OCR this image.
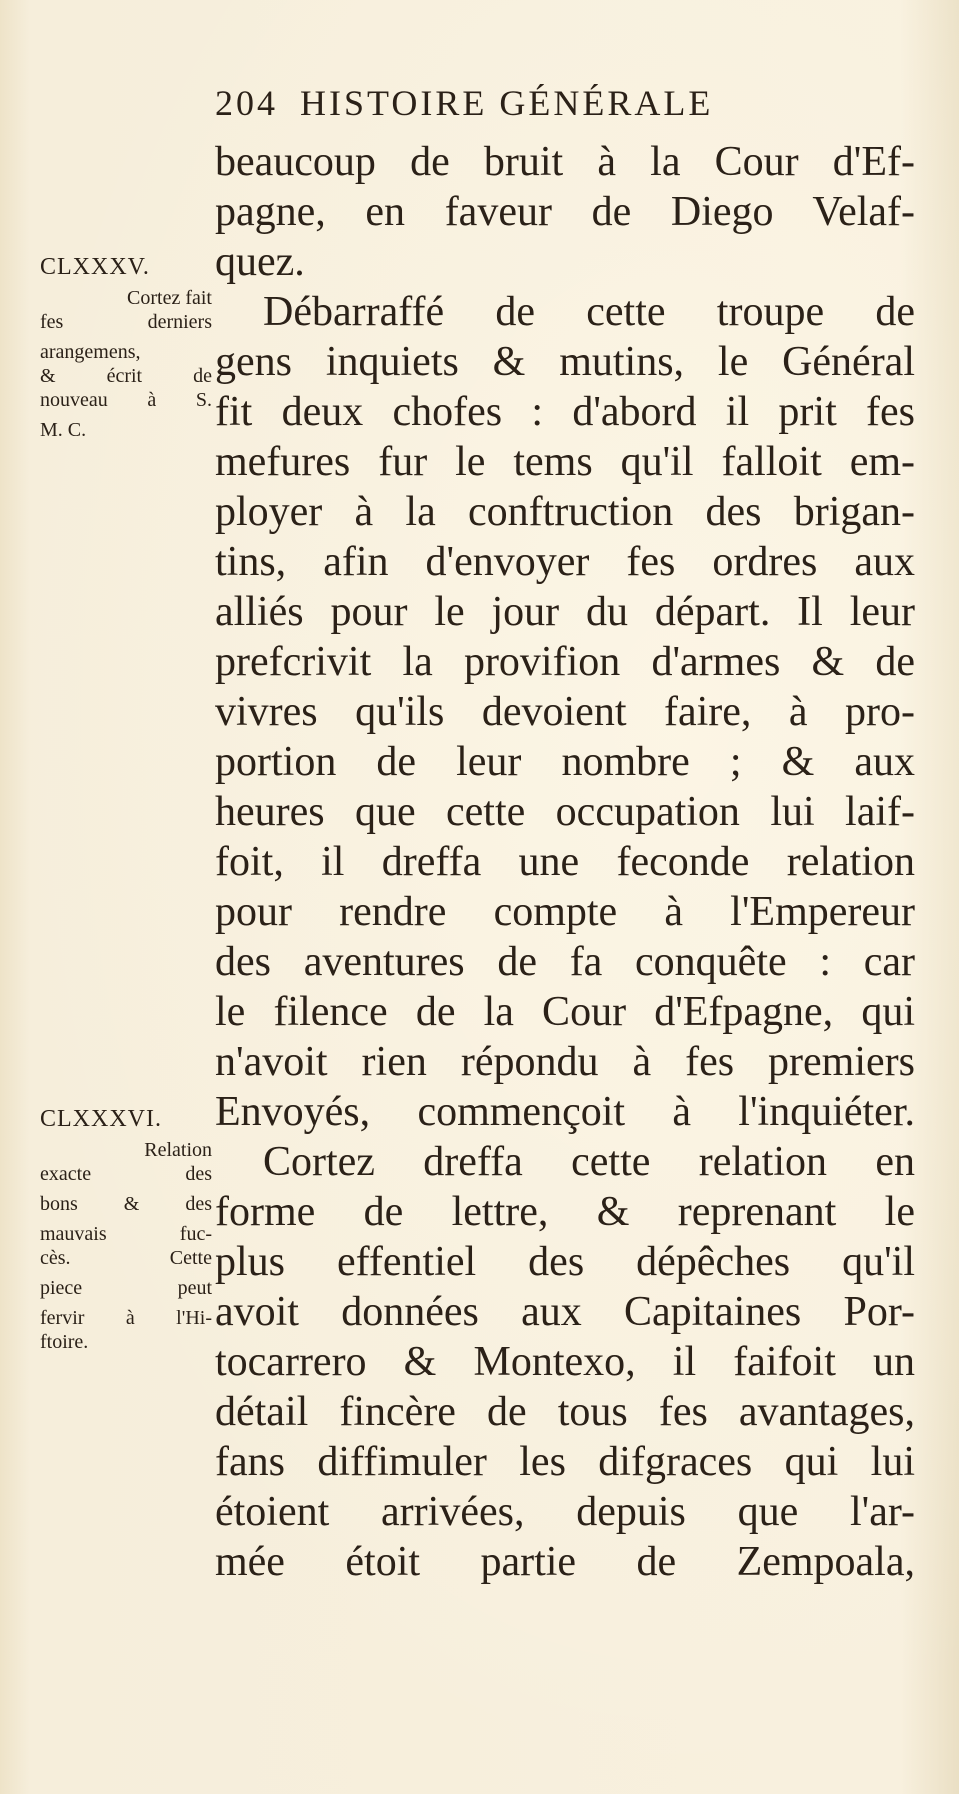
204 HISTOIRE GÉNÉRALE
beaucoup de bruit à la Cour d'Ef-
pagne, en faveur de Diego Velaf-
quez.
Débarraffé de cette troupe de
gens inquiets & mutins, le Général
fit deux chofes : d'abord il prit fes
mefures fur le tems qu'il falloit em-
ployer à la conftruction des brigan-
tins, afin d'envoyer fes ordres aux
alliés pour le jour du départ. Il leur
prefcrivit la provifion d'armes & de
vivres qu'ils devoient faire, à pro-
portion de leur nombre ; & aux
heures que cette occupation lui laif-
foit, il dreffa une feconde relation
pour rendre compte à l'Empereur
des aventures de fa conquête : car
le filence de la Cour d'Efpagne, qui
n'avoit rien répondu à fes premiers
Envoyés, commençoit à l'inquiéter.
Cortez dreffa cette relation en
forme de lettre, & reprenant le
plus effentiel des dépêches qu'il
avoit données aux Capitaines Por-
tocarrero & Montexo, il faifoit un
détail fincère de tous fes avantages,
fans diffimuler les difgraces qui lui
étoient arrivées, depuis que l'ar-
mée étoit partie de Zempoala,
CLXXXV.
Cortez fait
fes derniers
arangemens,
& écrit de
nouveau à S.
M. C.
CLXXXVI.
Relation
exacte des
bons & des
mauvais fuc-
cès. Cette
piece peut
fervir à l'Hi-
ftoire.
